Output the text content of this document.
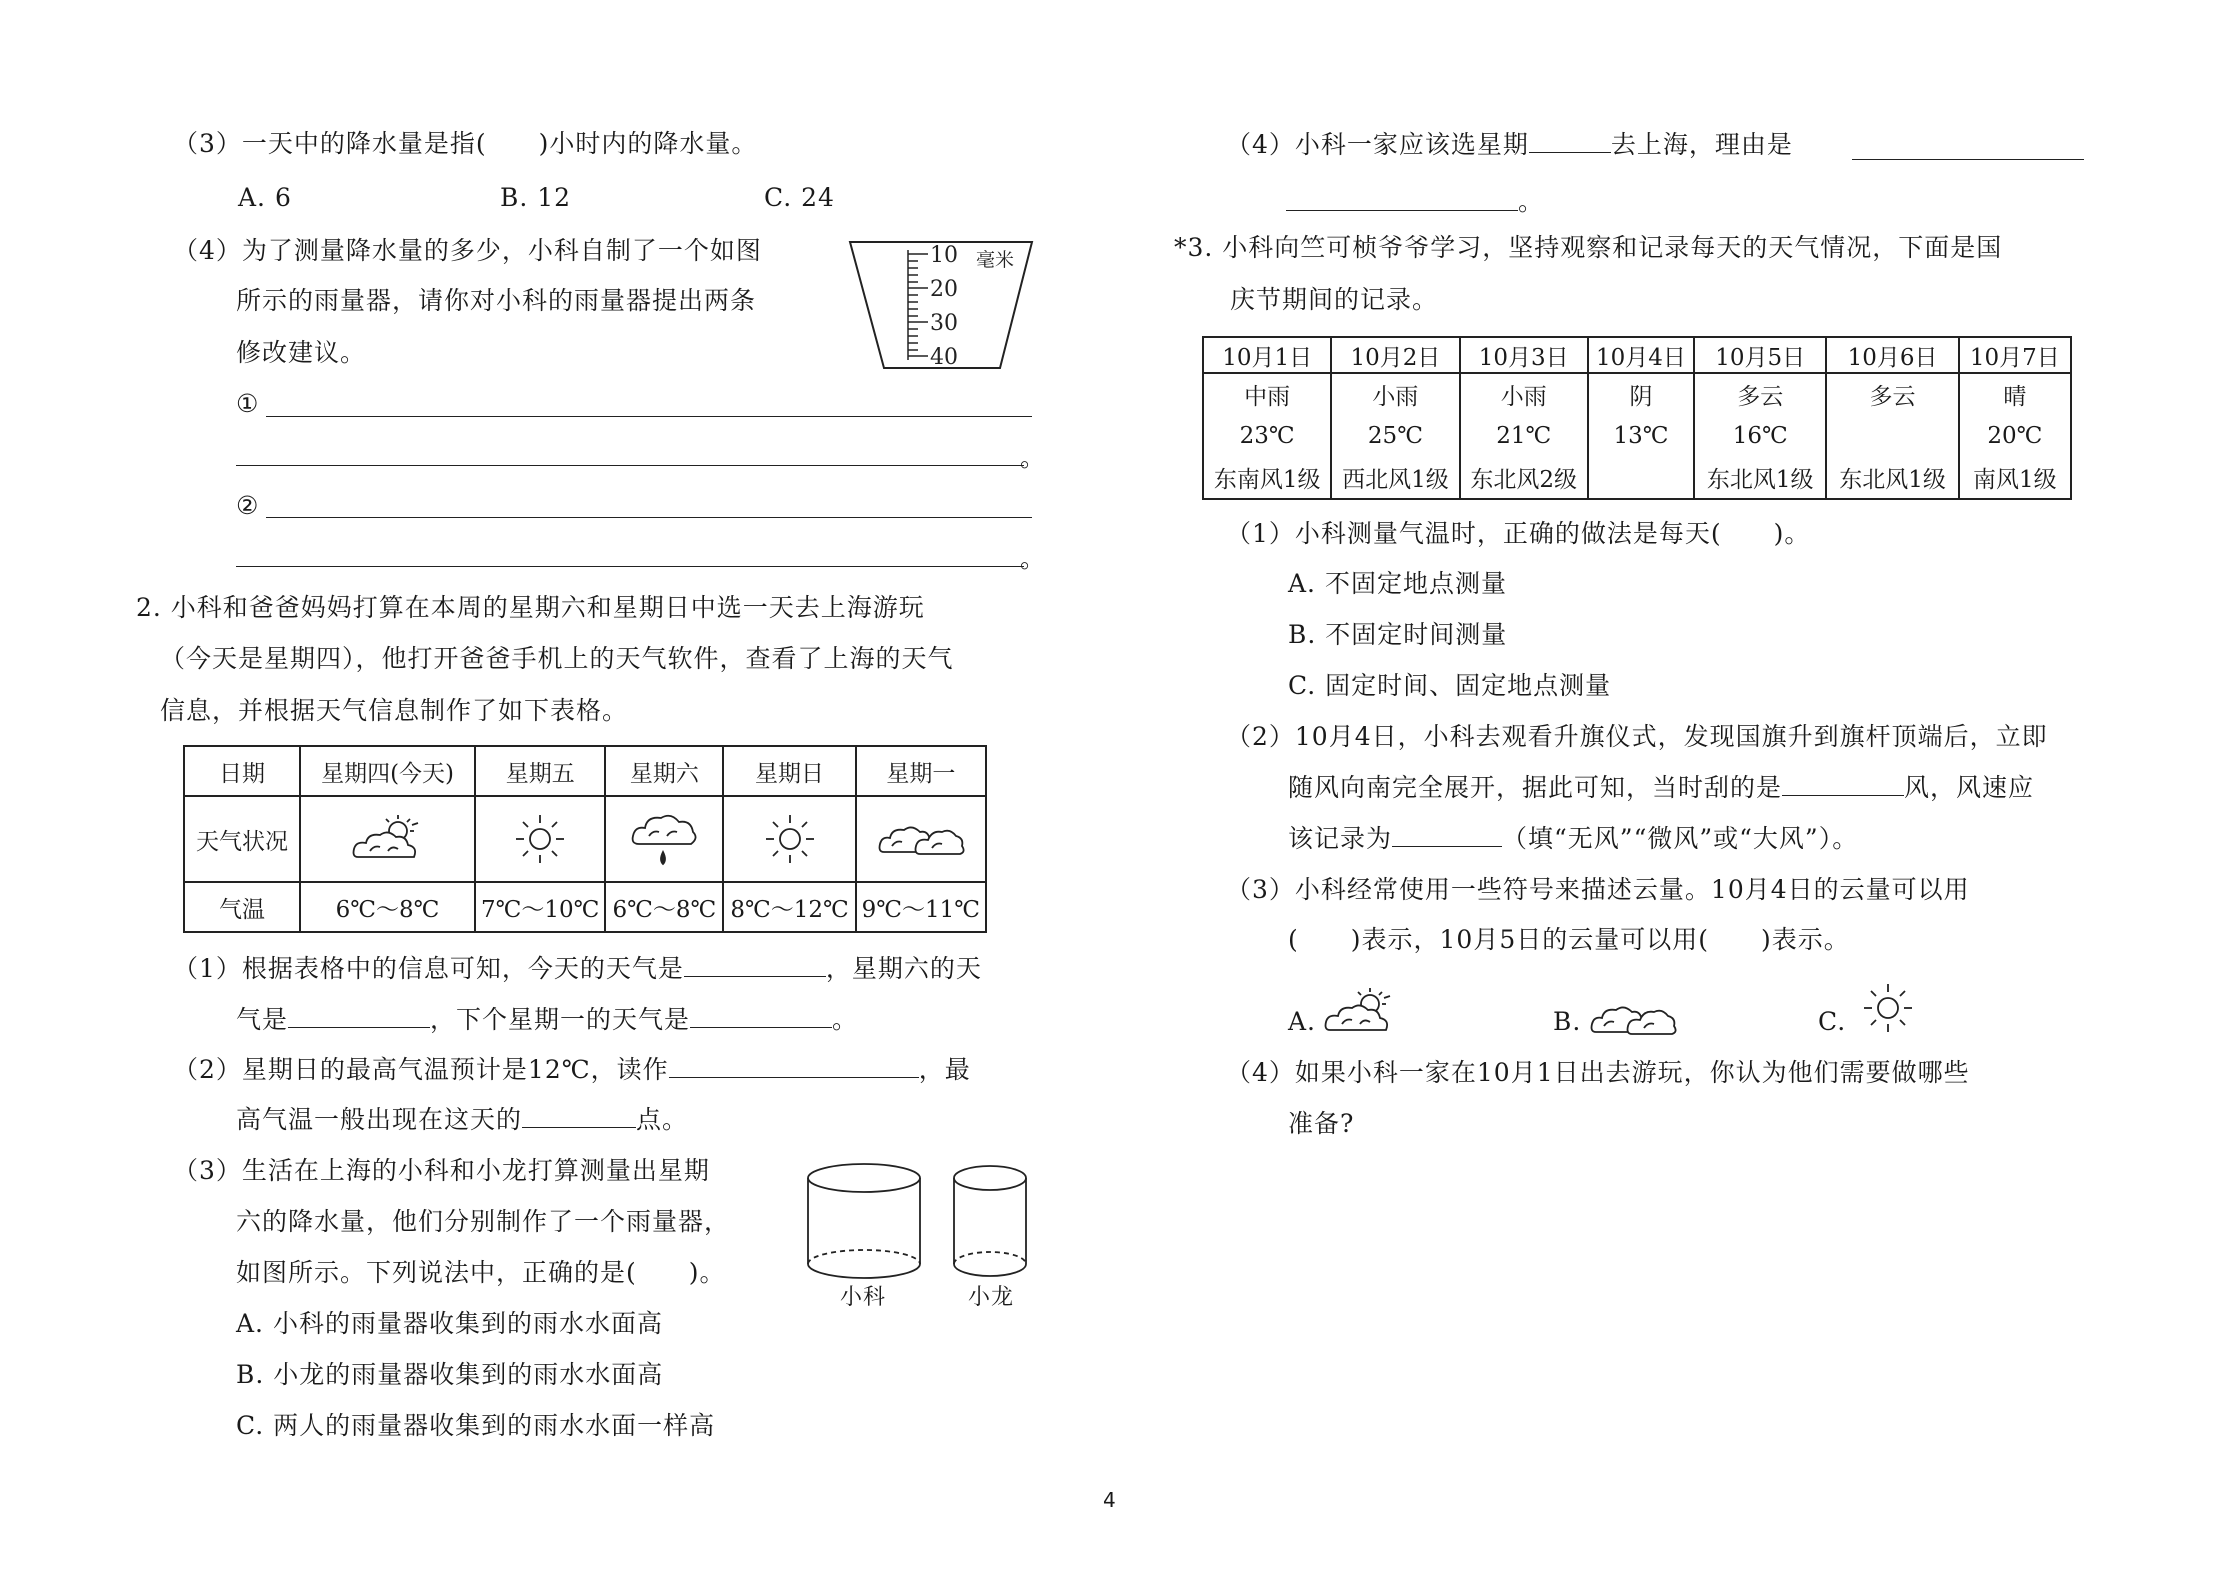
（3）一天中的降水量是指(　　)小时内的降水量。
A. 6	B. 12	C. 24
（4）为了测量降水量的多少，小科自制了一个如图
所示的雨量器，请你对小科的雨量器提出两条
修改建议。
10
20
30
40
毫米
①
。
②
。
2. 小科和爸爸妈妈打算在本周的星期六和星期日中选一天去上海游玩
（今天是星期四），他打开爸爸手机上的天气软件，查看了上海的天气
信息，并根据天气信息制作了如下表格。
日期	星期四(今天)	星期五	星期六	星期日	星期一
天气状况					
气温	6℃～8℃	7℃～10℃	6℃～8℃	8℃～12℃	9℃～11℃
（1）根据表格中的信息可知，今天的天气是	，星期六的天
气是	，下个星期一的天气是	。
（2）星期日的最高气温预计是12℃，读作	，最
高气温一般出现在这天的	点。
（3）生活在上海的小科和小龙打算测量出星期
六的降水量，他们分别制作了一个雨量器，
如图所示。下列说法中，正确的是(　　)。
A. 小科的雨量器收集到的雨水水面高
B. 小龙的雨量器收集到的雨水水面高
C. 两人的雨量器收集到的雨水水面一样高
小科	小龙
（4）小科一家应该选星期	去上海，理由是
。
*3. 小科向竺可桢爷爷学习，坚持观察和记录每天的天气情况，下面是国
庆节期间的记录。
10月1日	10月2日	10月3日	10月4日	10月5日	10月6日	10月7日
中雨	小雨	小雨	阴	多云	多云	晴
23℃	25℃	21℃	13℃	16℃		20℃
东南风1级	西北风1级	东北风2级		东北风1级	东北风1级	南风1级
（1）小科测量气温时，正确的做法是每天(　　)。
A. 不固定地点测量
B. 不固定时间测量
C. 固定时间、固定地点测量
（2）10月4日，小科去观看升旗仪式，发现国旗升到旗杆顶端后，立即
随风向南完全展开，据此可知，当时刮的是	风，风速应
该记录为	（填“无风”“微风”或“大风”）。
（3）小科经常使用一些符号来描述云量。10月4日的云量可以用
(　　)表示，10月5日的云量可以用(　　)表示。
A.	B.	C.
（4）如果小科一家在10月1日出去游玩，你认为他们需要做哪些
准备?
4
